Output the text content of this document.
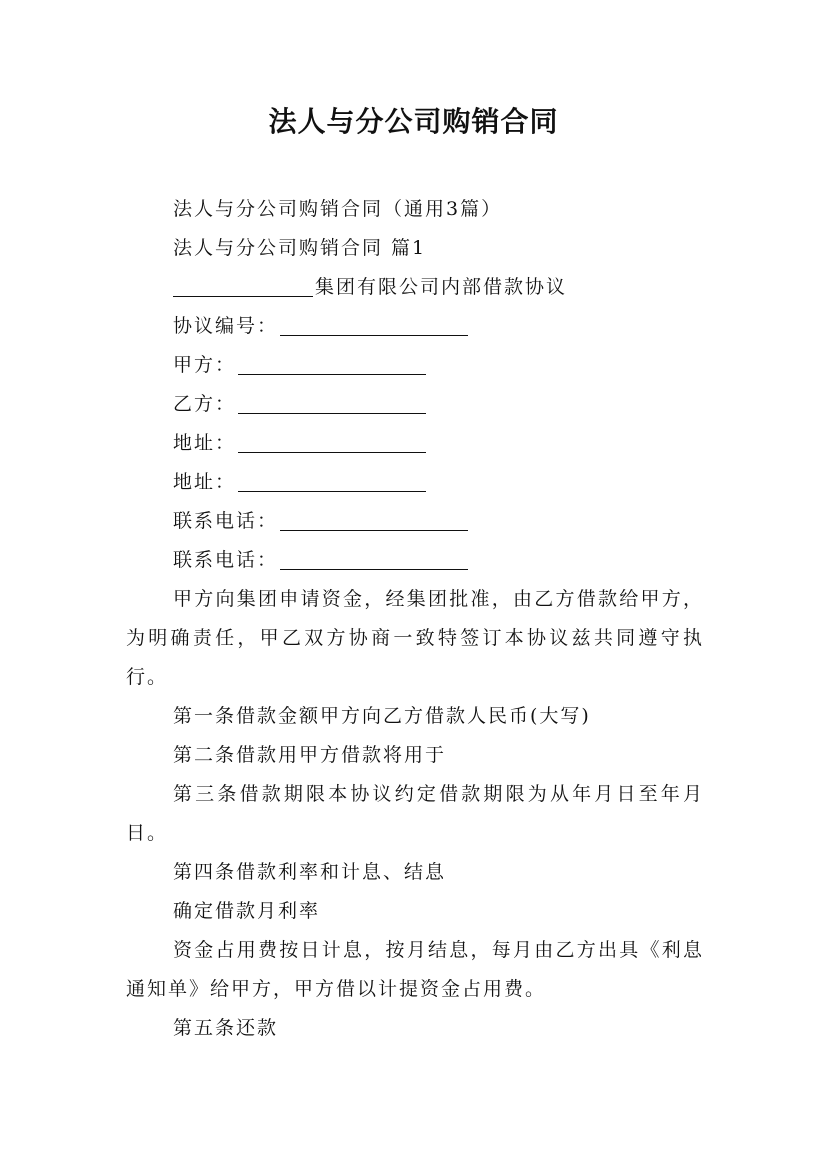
法人与分公司购销合同

法人与分公司购销合同（通用3篇）

法人与分公司购销合同 篇1

集团有限公司内部借款协议

协议编号：

甲方：

乙方：

地址：

地址：

联系电话：

联系电话：

甲方向集团申请资金，经集团批准，由乙方借款给甲方，为明确责任，甲乙双方协商一致特签订本协议兹共同遵守执行。

第一条借款金额甲方向乙方借款人民币(大写)

第二条借款用甲方借款将用于

第三条借款期限本协议约定借款期限为从年月日至年月日。

第四条借款利率和计息、结息

确定借款月利率

资金占用费按日计息，按月结息，每月由乙方出具《利息通知单》给甲方，甲方借以计提资金占用费。

第五条还款
